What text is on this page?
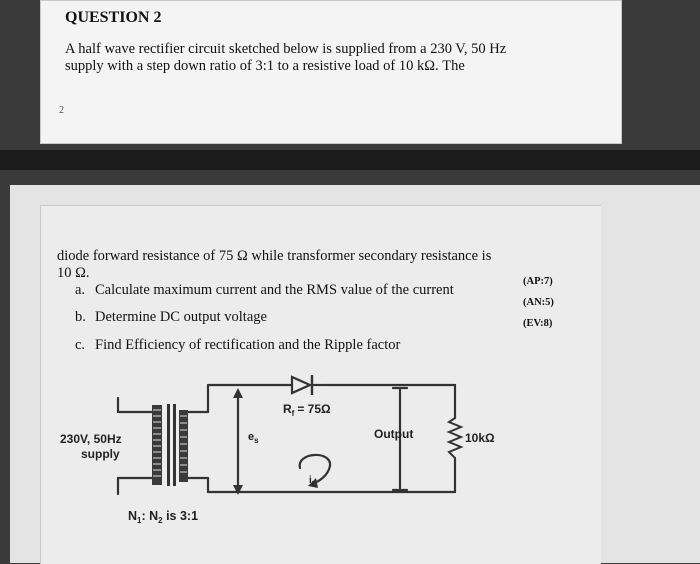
QUESTION 2
A half wave rectifier circuit sketched below is supplied from a 230 V, 50 Hz supply with a step down ratio of 3:1 to a resistive load of 10 kΩ. The
2
diode forward resistance of 75 Ω while transformer secondary resistance is
10 Ω.
a. Calculate maximum current and the RMS value of the current
b. Determine DC output voltage
c. Find Efficiency of rectification and the Ripple factor
(AP:7)
(AN:5)
(EV:8)
230V, 50Hz
supply
$R_f = 75\Omega$
$e_s$	Output	10kΩ
$i_L$
$N_1$: $N_2$ is 3:1
